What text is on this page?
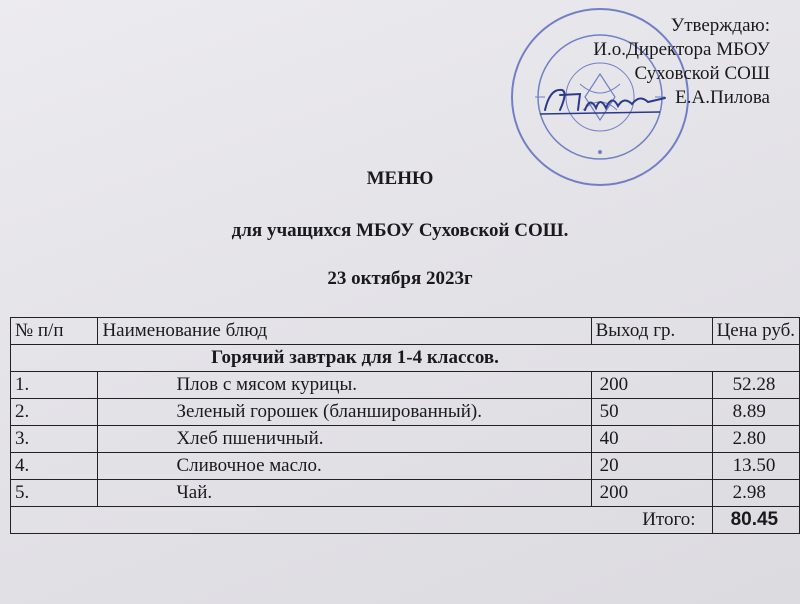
Утверждаю:
И.о.Директора МБОУ
Суховской СОШ
Е.А.Пилова
МЕНЮ
для учащихся МБОУ Суховской СОШ.
23 октября 2023г
№ п/п	Наименование блюд	Выход гр.	Цена руб.
Горячий завтрак для 1-4 классов.			
1.	Плов с мясом курицы.	200	52.28
2.	Зеленый горошек (бланшированный).	50	8.89
3.	Хлеб пшеничный.	40	2.80
4.	Сливочное масло.	20	13.50
5.	Чай.	200	2.98
		Итого:	80.45
